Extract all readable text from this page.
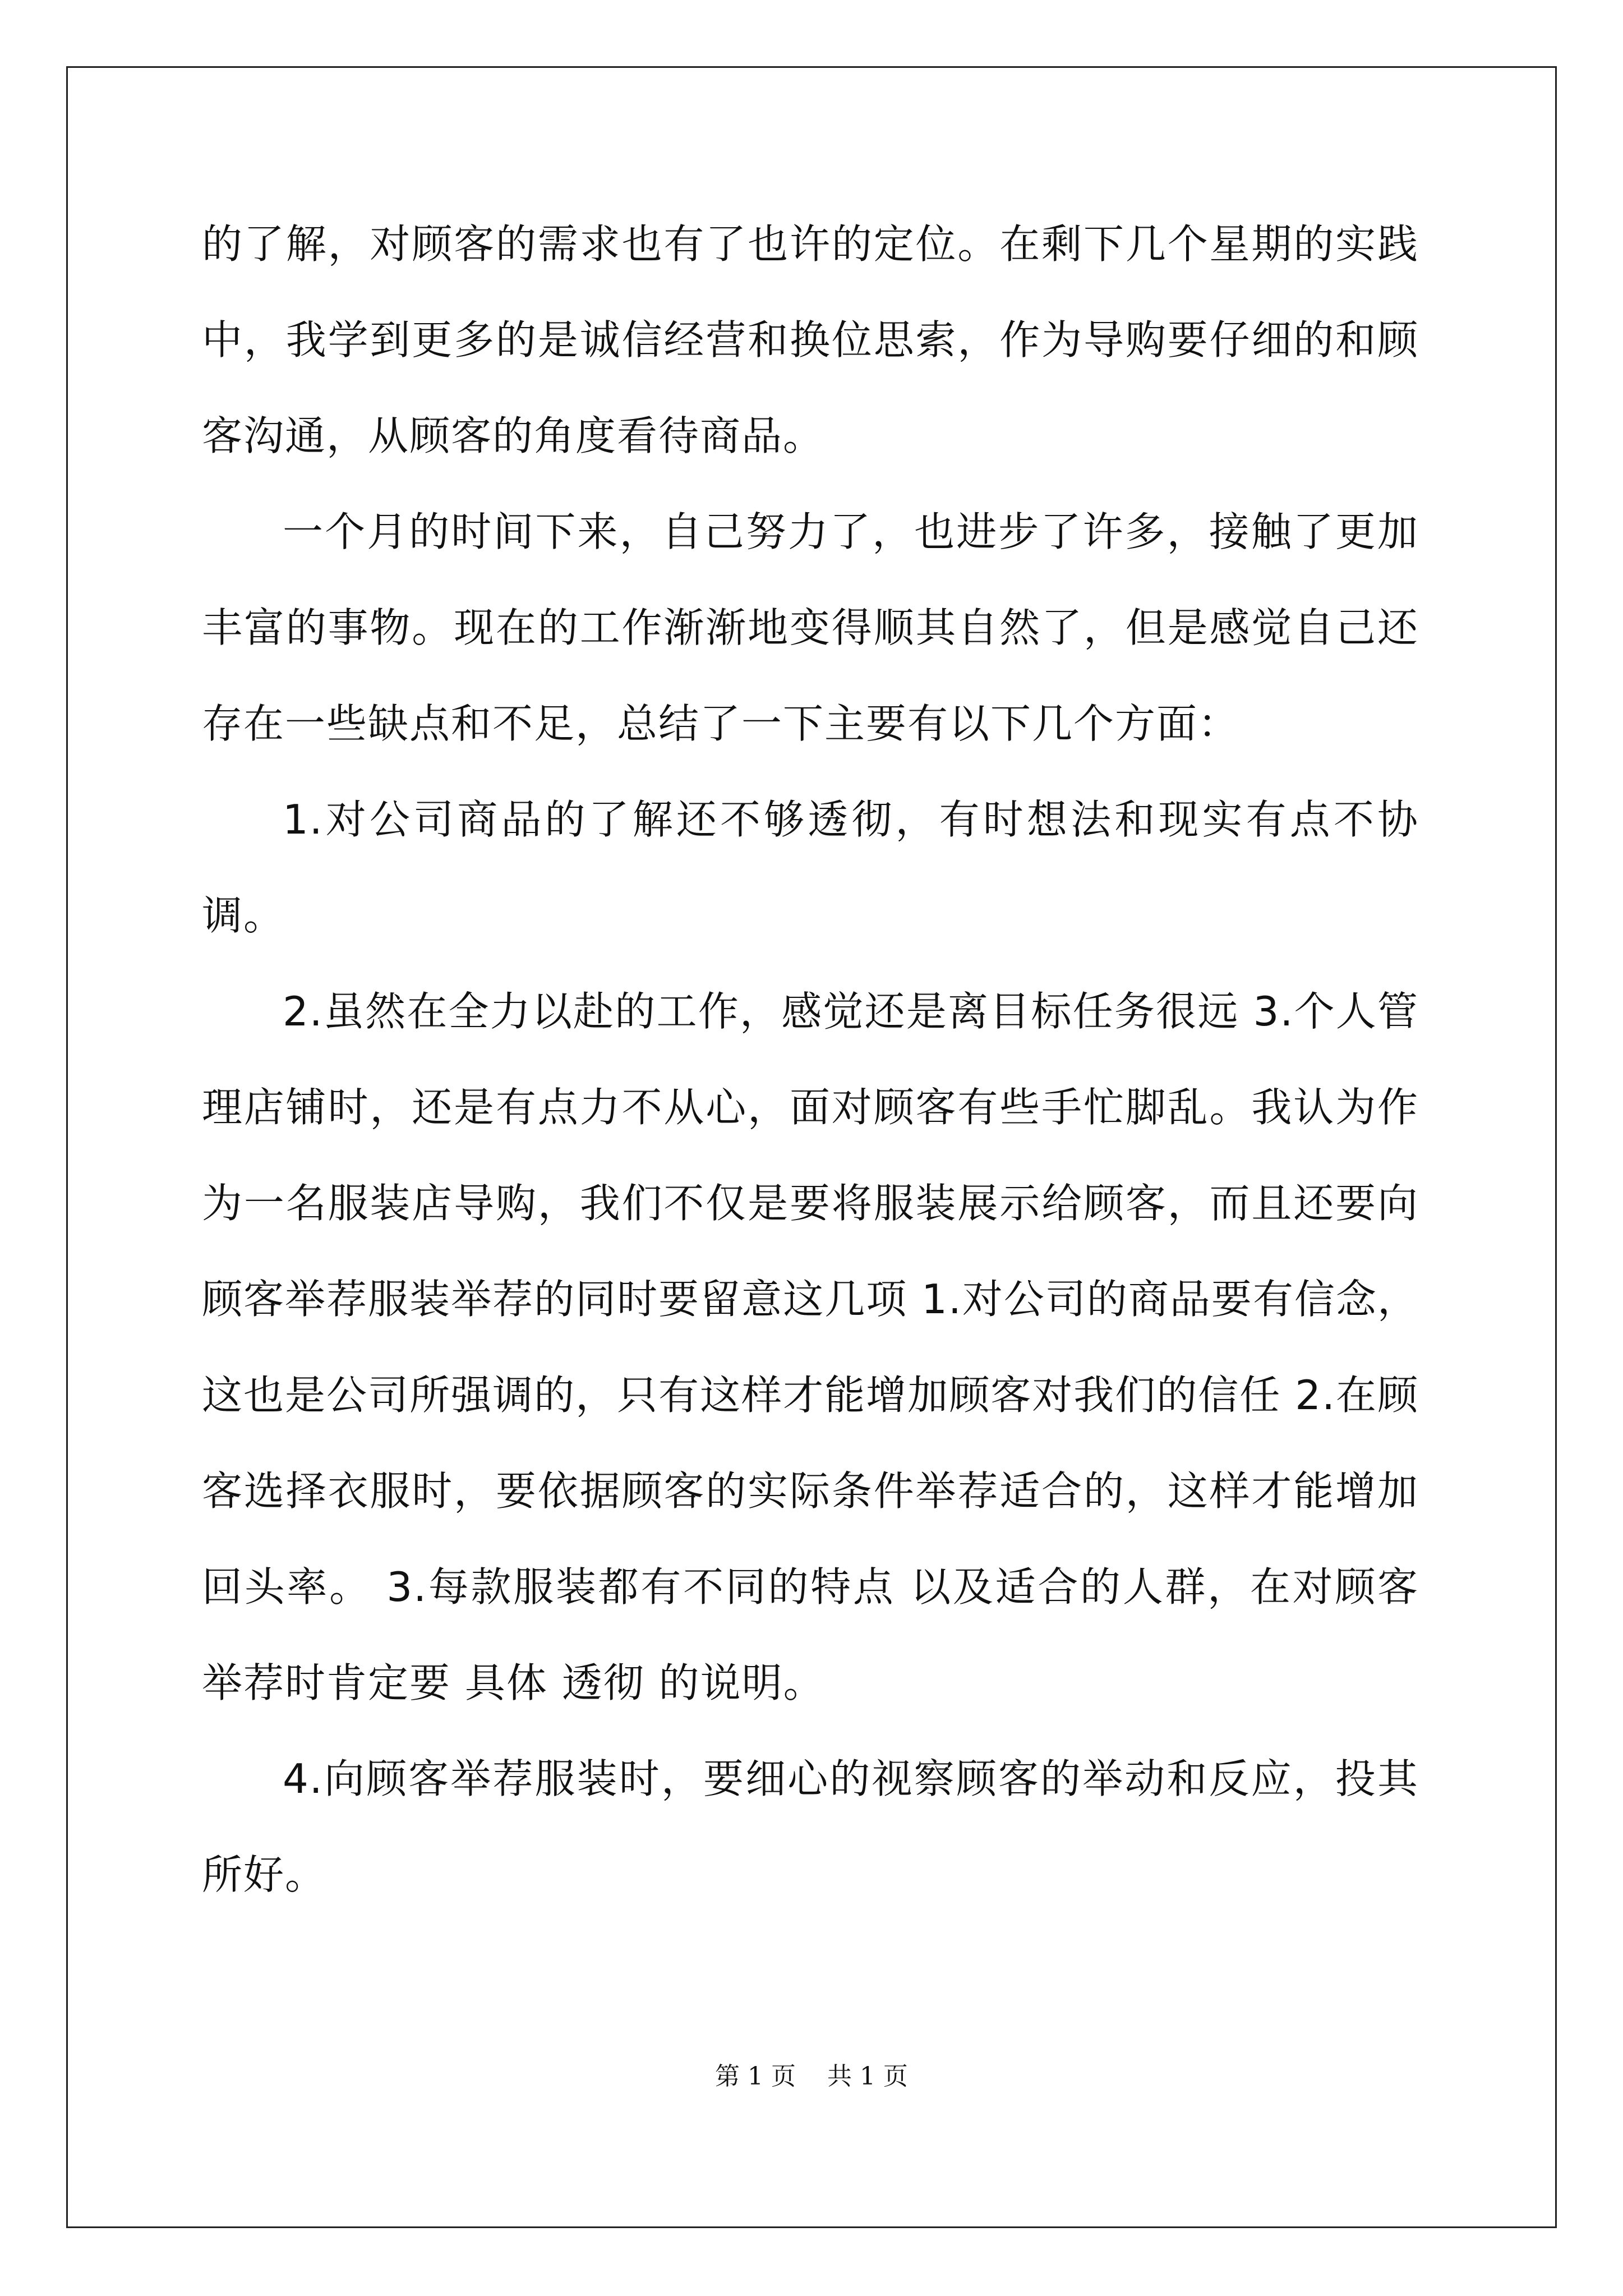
的了解，对顾客的需求也有了也许的定位。在剩下几个星期的实践中，我学到更多的是诚信经营和换位思索，作为导购要仔细的和顾客沟通，从顾客的角度看待商品。

一个月的时间下来，自己努力了，也进步了许多，接触了更加丰富的事物。现在的工作渐渐地变得顺其自然了，但是感觉自己还存在一些缺点和不足，总结了一下主要有以下几个方面：

1.对公司商品的了解还不够透彻，有时想法和现实有点不协调。

2.虽然在全力以赴的工作，感觉还是离目标任务很远 3.个人管理店铺时，还是有点力不从心，面对顾客有些手忙脚乱。我认为作为一名服装店导购，我们不仅是要将服装展示给顾客，而且还要向顾客举荐服装举荐的同时要留意这几项 1.对公司的商品要有信念，这也是公司所强调的，只有这样才能增加顾客对我们的信任 2.在顾客选择衣服时，要依据顾客的实际条件举荐适合的，这样才能增加回头率。 3.每款服装都有不同的特点 以及适合的人群，在对顾客举荐时肯定要 具体 透彻 的说明。

4.向顾客举荐服装时，要细心的视察顾客的举动和反应，投其所好。

第 1 页    共 1 页
